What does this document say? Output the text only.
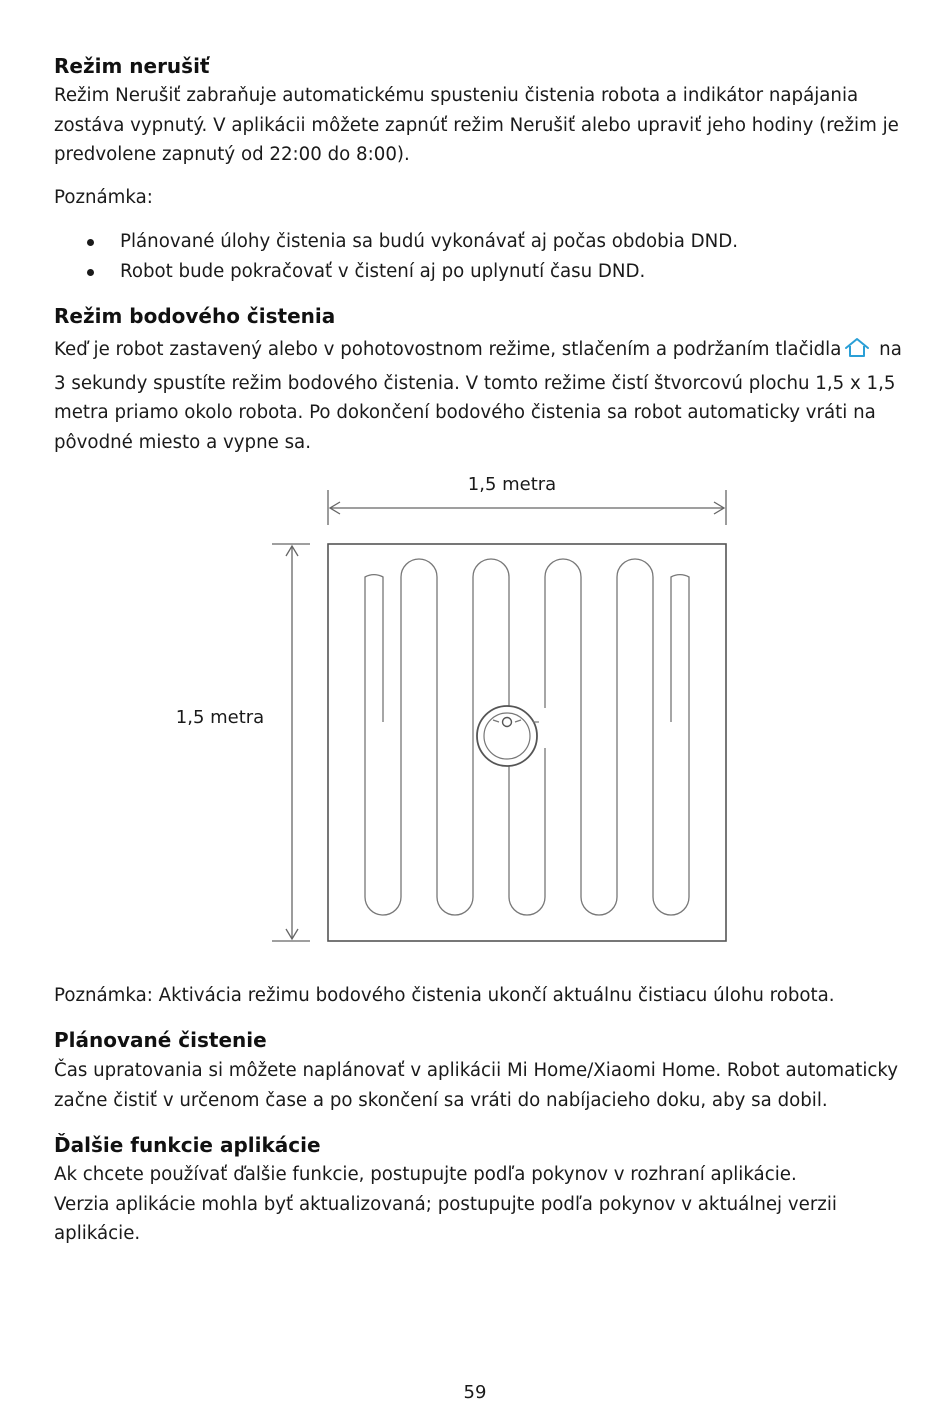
Režim nerušiť

Režim Nerušiť zabraňuje automatickému spusteniu čistenia robota a indikátor napájania
zostáva vypnutý. V aplikácii môžete zapnúť režim Nerušiť alebo upraviť jeho hodiny (režim je
predvolene zapnutý od 22:00 do 8:00).

Poznámka:

Plánované úlohy čistenia sa budú vykonávať aj počas obdobia DND.
Robot bude pokračovať v čistení aj po uplynutí času DND.
Režim bodového čistenia

Keď je robot zastavený alebo v pohotovostnom režime, stlačením a podržaním tlačidla na
3 sekundy spustíte režim bodového čistenia. V tomto režime čistí štvorcovú plochu 1,5 x 1,5
metra priamo okolo robota. Po dokončení bodového čistenia sa robot automaticky vráti na
pôvodné miesto a vypne sa.

1,5 metra
1,5 metra

Poznámka: Aktivácia režimu bodového čistenia ukončí aktuálnu čistiacu úlohu robota.

Plánované čistenie

Čas upratovania si môžete naplánovať v aplikácii Mi Home/Xiaomi Home. Robot automaticky
začne čistiť v určenom čase a po skončení sa vráti do nabíjacieho doku, aby sa dobil.

Ďalšie funkcie aplikácie

Ak chcete používať ďalšie funkcie, postupujte podľa pokynov v rozhraní aplikácie.
Verzia aplikácie mohla byť aktualizovaná; postupujte podľa pokynov v aktuálnej verzii
aplikácie.

59
